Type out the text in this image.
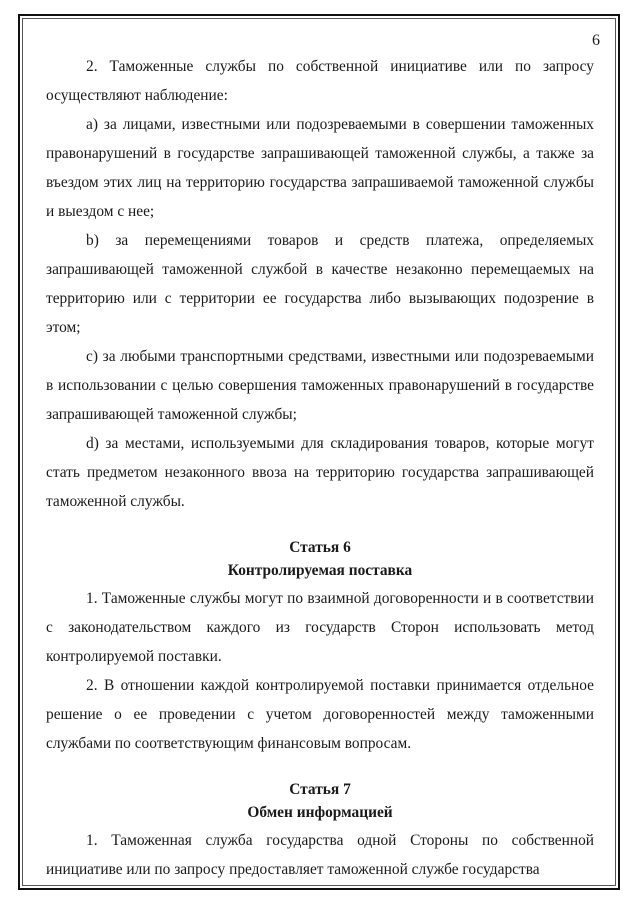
6

2. Таможенные службы по собственной инициативе или по запросу осуществляют наблюдение:

a) за лицами, известными или подозреваемыми в совершении таможенных правонарушений в государстве запрашивающей таможенной службы, а также за въездом этих лиц на территорию государства запрашиваемой таможенной службы и выездом с нее;

b) за перемещениями товаров и средств платежа, определяемых запрашивающей таможенной службой в качестве незаконно перемещаемых на территорию или с территории ее государства либо вызывающих подозрение в этом;

c) за любыми транспортными средствами, известными или подозреваемыми в использовании с целью совершения таможенных правонарушений в государстве запрашивающей таможенной службы;

d) за местами, используемыми для складирования товаров, которые могут стать предметом незаконного ввоза на территорию государства запрашивающей таможенной службы.

Статья 6
Контролируемая поставка

1. Таможенные службы могут по взаимной договоренности и в соответствии с законодательством каждого из государств Сторон использовать метод контролируемой поставки.

2. В отношении каждой контролируемой поставки принимается отдельное решение о ее проведении с учетом договоренностей между таможенными службами по соответствующим финансовым вопросам.

Статья 7
Обмен информацией

1. Таможенная служба государства одной Стороны по собственной инициативе или по запросу предоставляет таможенной службе государства
